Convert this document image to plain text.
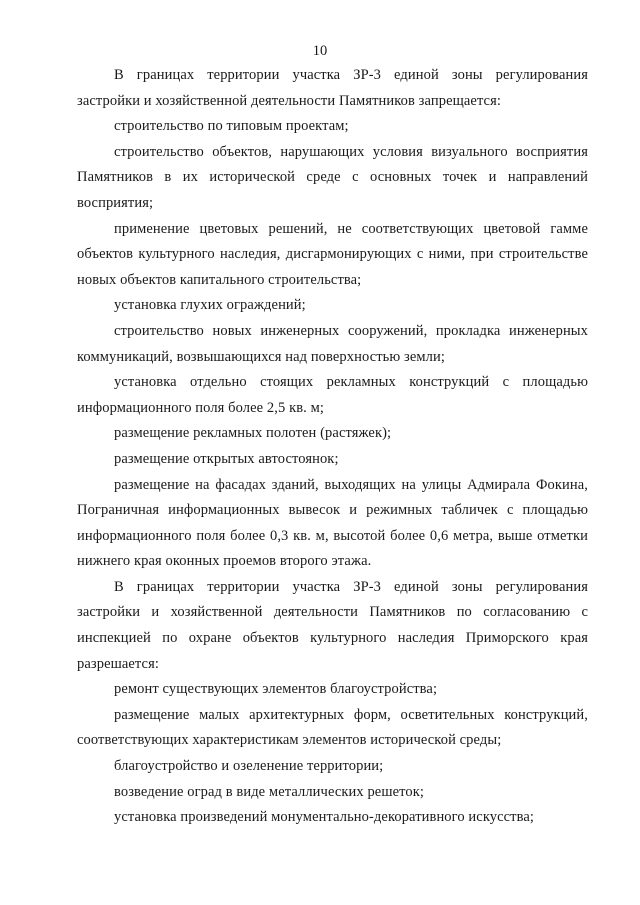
10

В границах территории участка ЗР-3 единой зоны регулирования застройки и хозяйственной деятельности Памятников запрещается:

строительство по типовым проектам;

строительство объектов, нарушающих условия визуального восприятия Памятников в их исторической среде с основных точек и направлений восприятия;

применение цветовых решений, не соответствующих цветовой гамме объектов культурного наследия, дисгармонирующих с ними, при строительстве новых объектов капитального строительства;

установка глухих ограждений;

строительство новых инженерных сооружений, прокладка инженерных коммуникаций, возвышающихся над поверхностью земли;

установка отдельно стоящих рекламных конструкций с площадью информационного поля более 2,5 кв. м;

размещение рекламных полотен (растяжек);

размещение открытых автостоянок;

размещение на фасадах зданий, выходящих на улицы Адмирала Фокина, Пограничная информационных вывесок и режимных табличек с площадью информационного поля более 0,3 кв. м, высотой более 0,6 метра, выше отметки нижнего края оконных проемов второго этажа.

В границах территории участка ЗР-3 единой зоны регулирования застройки и хозяйственной деятельности Памятников по согласованию с инспекцией по охране объектов культурного наследия Приморского края разрешается:

ремонт существующих элементов благоустройства;

размещение малых архитектурных форм, осветительных конструкций, соответствующих характеристикам элементов исторической среды;

благоустройство и озеленение территории;

возведение оград в виде металлических решеток;

установка произведений монументально-декоративного искусства;
